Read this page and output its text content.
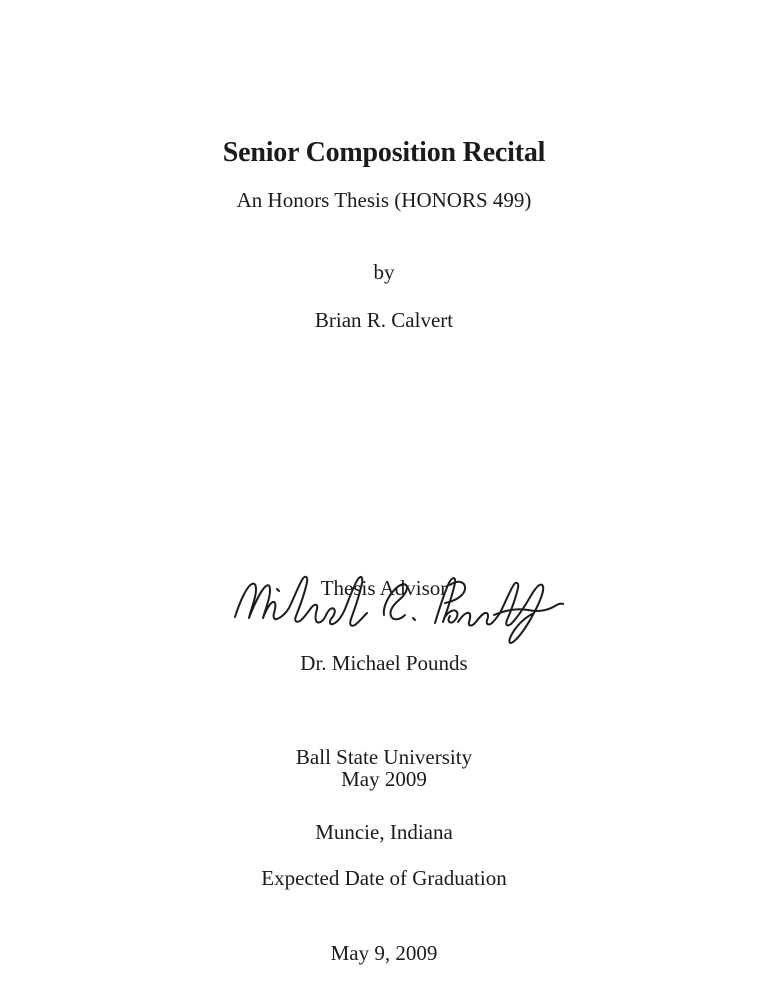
Senior Composition Recital

An Honors Thesis (HONORS 499)

by

Brian R. Calvert

Thesis Advisor

Dr. Michael Pounds

Ball State University

Muncie, Indiana

May 2009

Expected Date of Graduation

May 9, 2009
